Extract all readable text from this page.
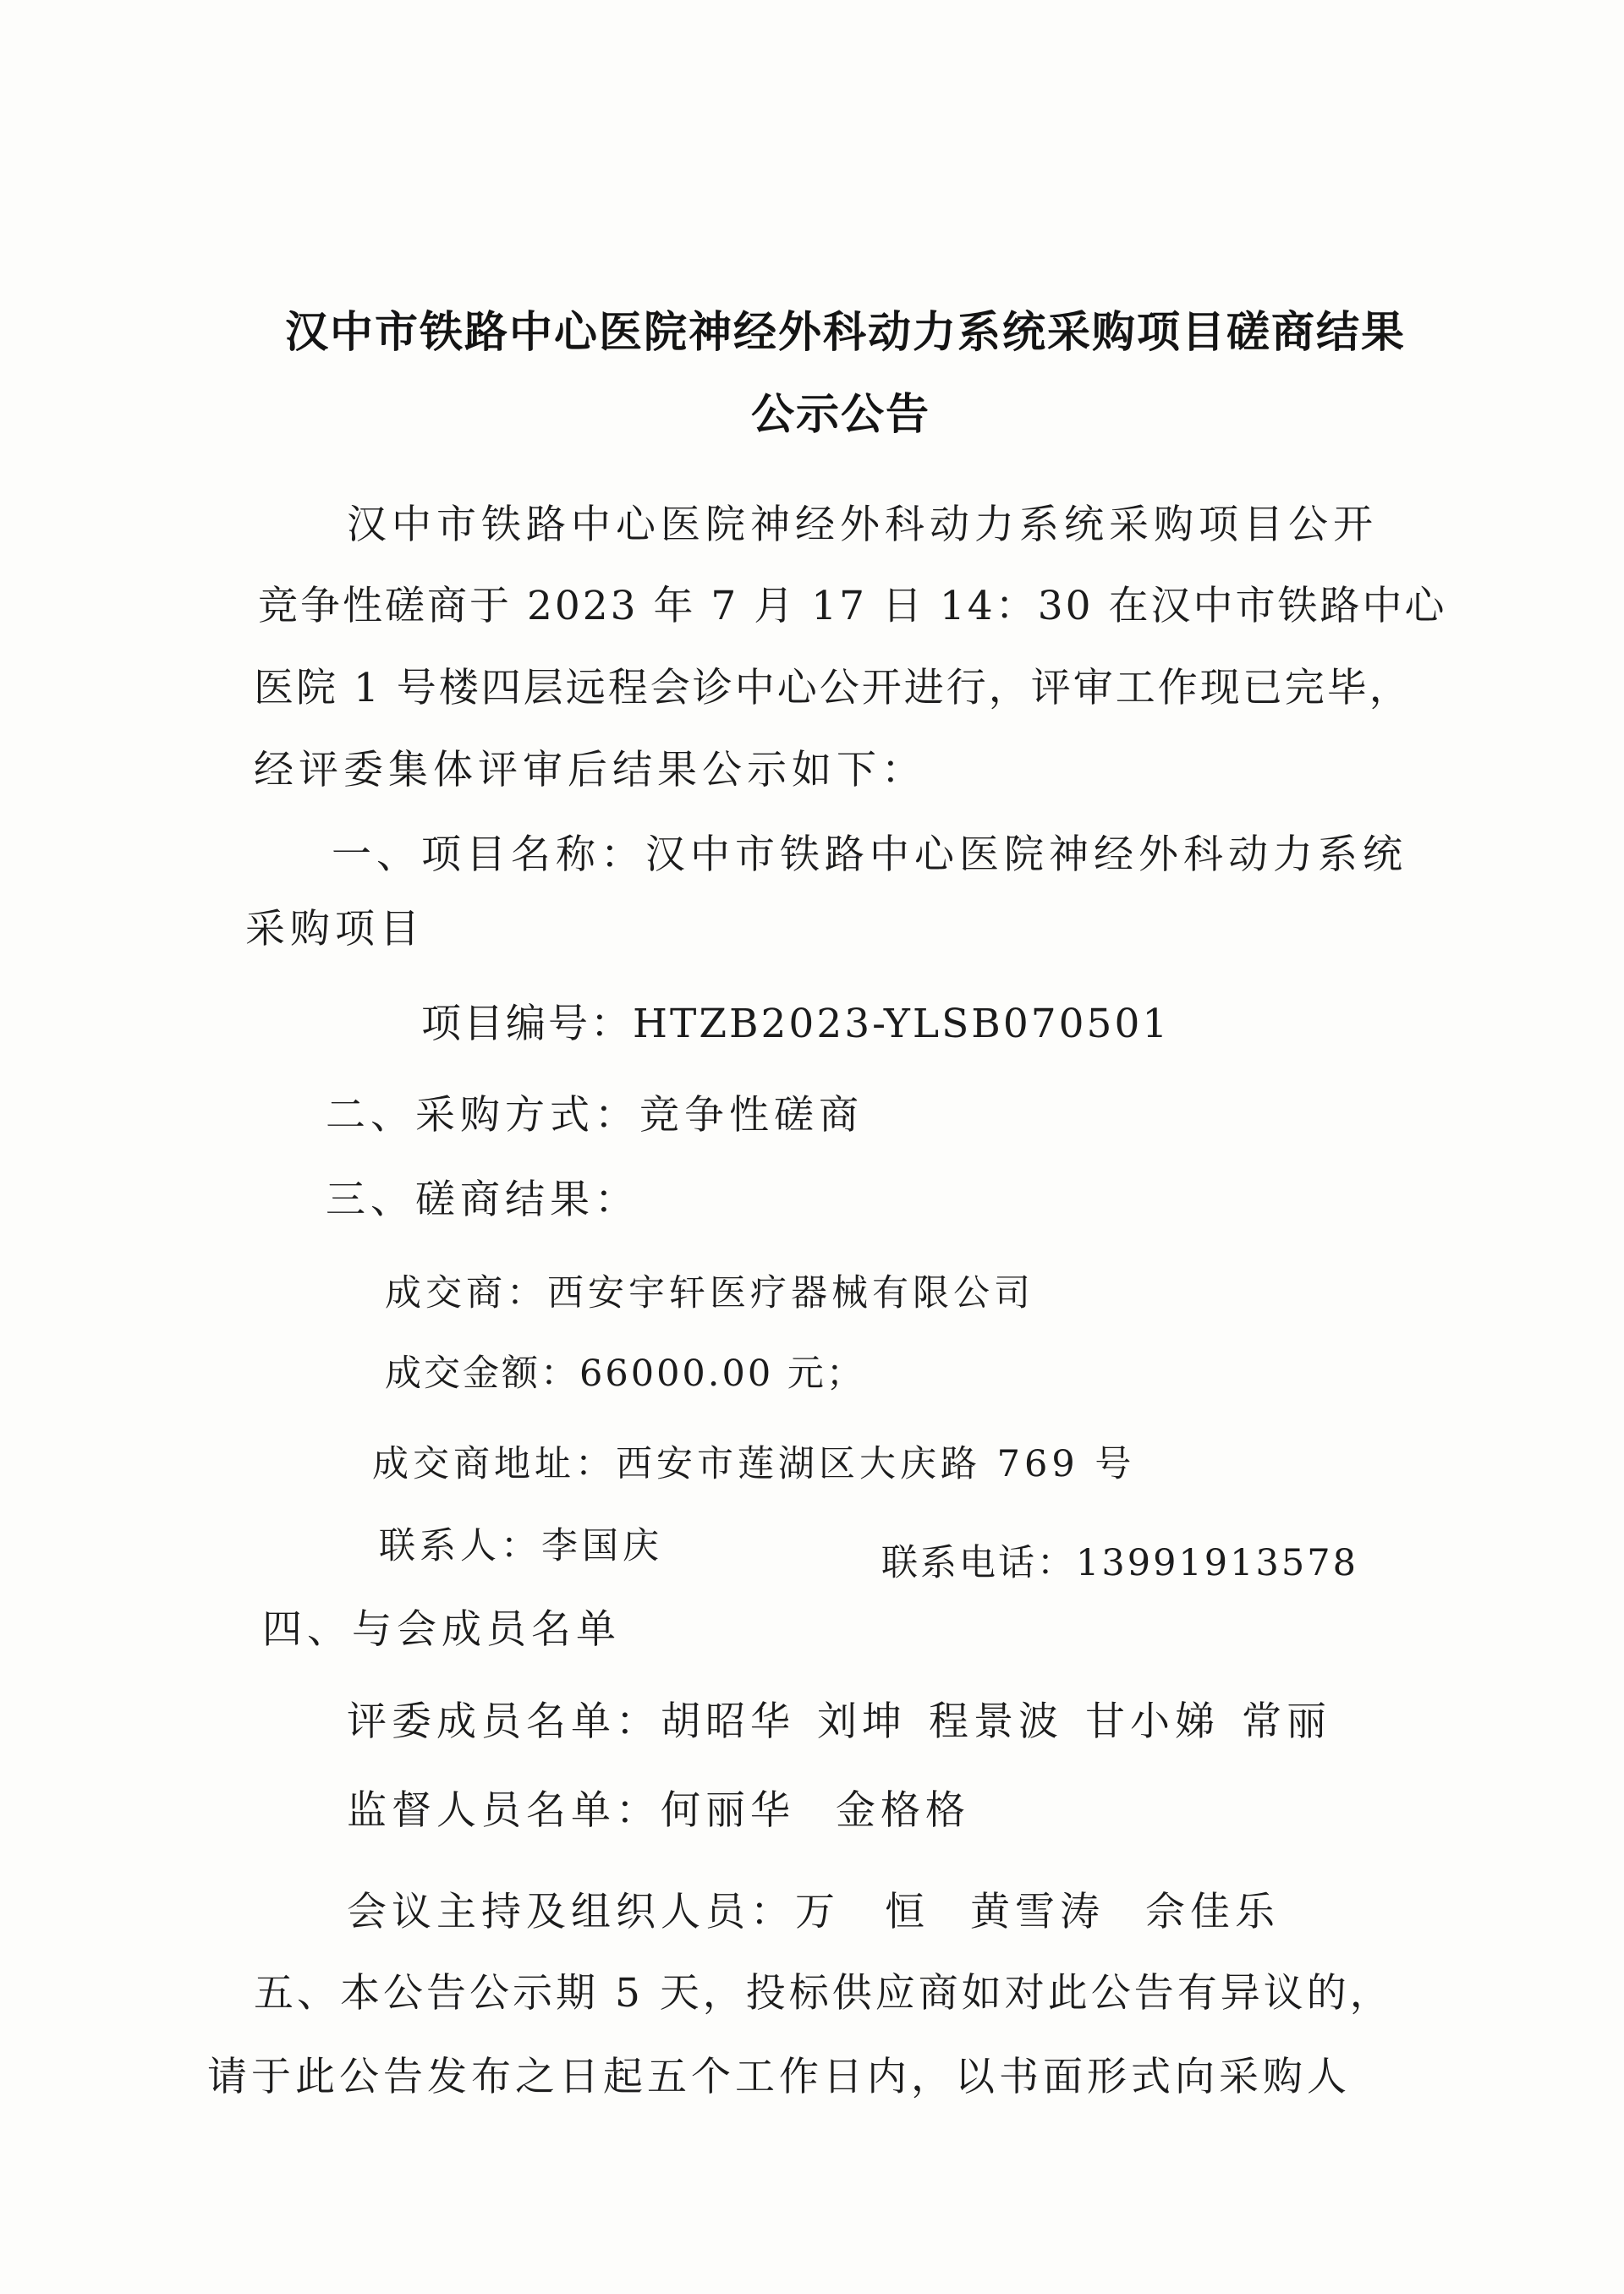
汉中市铁路中心医院神经外科动力系统采购项目磋商结果
公示公告
汉中市铁路中心医院神经外科动力系统采购项目公开
竞争性磋商于 2023 年 7 月 17 日 14：30 在汉中市铁路中心
医院 1 号楼四层远程会诊中心公开进行，评审工作现已完毕，
经评委集体评审后结果公示如下：
一、项目名称：汉中市铁路中心医院神经外科动力系统
采购项目
项目编号：HTZB2023-YLSB070501
二、采购方式：竞争性磋商
三、磋商结果：
成交商：西安宇轩医疗器械有限公司
成交金额：66000.00 元；
成交商地址：西安市莲湖区大庆路 769 号
联系人：李国庆	联系电话：13991913578
四、与会成员名单
评委成员名单：胡昭华 刘坤 程景波 甘小娣 常丽
监督人员名单：何丽华 金格格
会议主持及组织人员：万　恒 黄雪涛 佘佳乐
五、本公告公示期 5 天，投标供应商如对此公告有异议的，
请于此公告发布之日起五个工作日内，以书面形式向采购人
